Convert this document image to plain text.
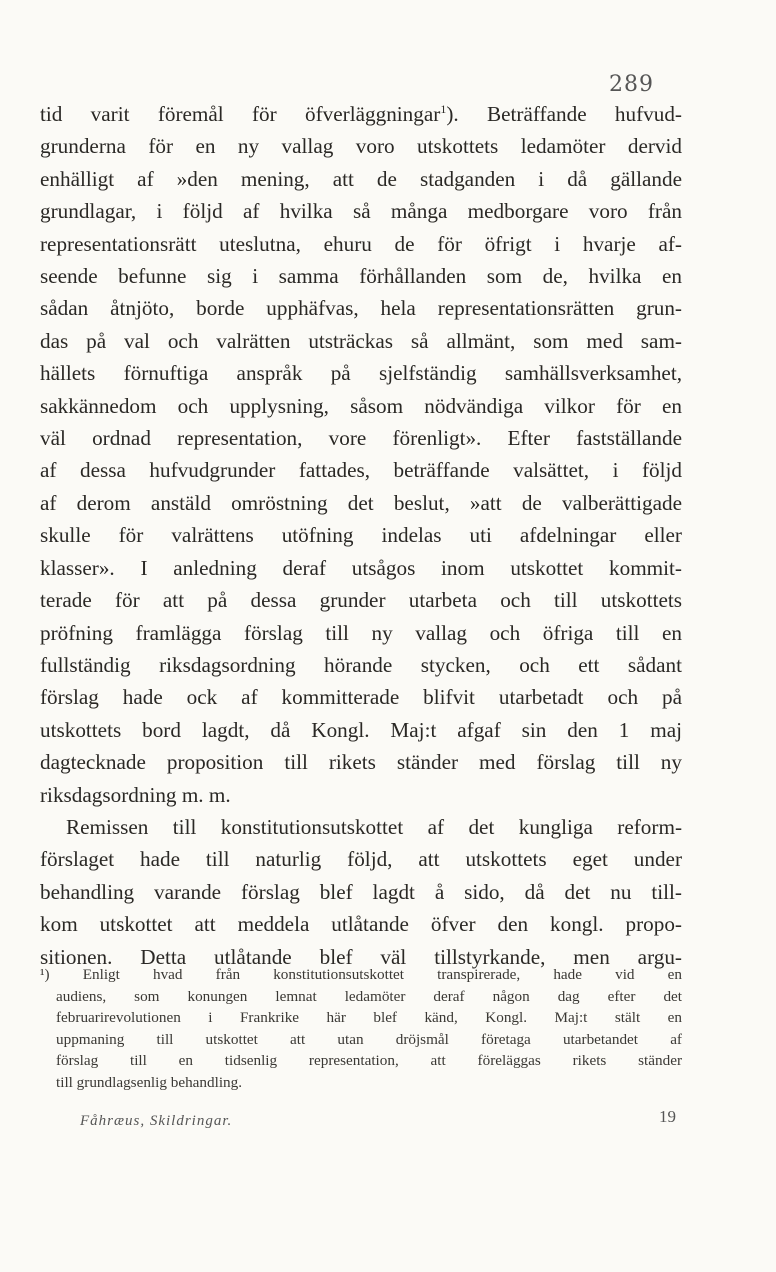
289
tid varit föremål för öfverläggningar$^1$). Beträffande hufvud-
grunderna för en ny vallag voro utskottets ledamöter dervid
enhälligt af »den mening, att de stadganden i då gällande
grundlagar, i följd af hvilka så många medborgare voro från
representationsrätt uteslutna, ehuru de för öfrigt i hvarje af-
seende befunne sig i samma förhållanden som de, hvilka en
sådan åtnjöto, borde upphäfvas, hela representationsrätten grun-
das på val och valrätten utsträckas så allmänt, som med sam-
hällets förnuftiga anspråk på sjelfständig samhällsverksamhet,
sakkännedom och upplysning, såsom nödvändiga vilkor för en
väl ordnad representation, vore förenligt». Efter fastställande
af dessa hufvudgrunder fattades, beträffande valsättet, i följd
af derom anstäld omröstning det beslut, »att de valberättigade
skulle för valrättens utöfning indelas uti afdelningar eller
klasser». I anledning deraf utsågos inom utskottet kommit-
terade för att på dessa grunder utarbeta och till utskottets
pröfning framlägga förslag till ny vallag och öfriga till en
fullständig riksdagsordning hörande stycken, och ett sådant
förslag hade ock af kommitterade blifvit utarbetadt och på
utskottets bord lagdt, då Kongl. Maj:t afgaf sin den 1 maj
dagtecknade proposition till rikets ständer med förslag till ny
riksdagsordning m. m.
Remissen till konstitutionsutskottet af det kungliga reform-
förslaget hade till naturlig följd, att utskottets eget under
behandling varande förslag blef lagdt å sido, då det nu till-
kom utskottet att meddela utlåtande öfver den kongl. propo-
sitionen. Detta utlåtande blef väl tillstyrkande, men argu-
¹) Enligt hvad från konstitutionsutskottet transpirerade, hade vid en
audiens, som konungen lemnat ledamöter deraf någon dag efter det
februarirevolutionen i Frankrike här blef känd, Kongl. Maj:t stält en
uppmaning till utskottet att utan dröjsmål företaga utarbetandet af
förslag till en tidsenlig representation, att föreläggas rikets ständer
till grundlagsenlig behandling.
Fåhræus, Skildringar.	19
